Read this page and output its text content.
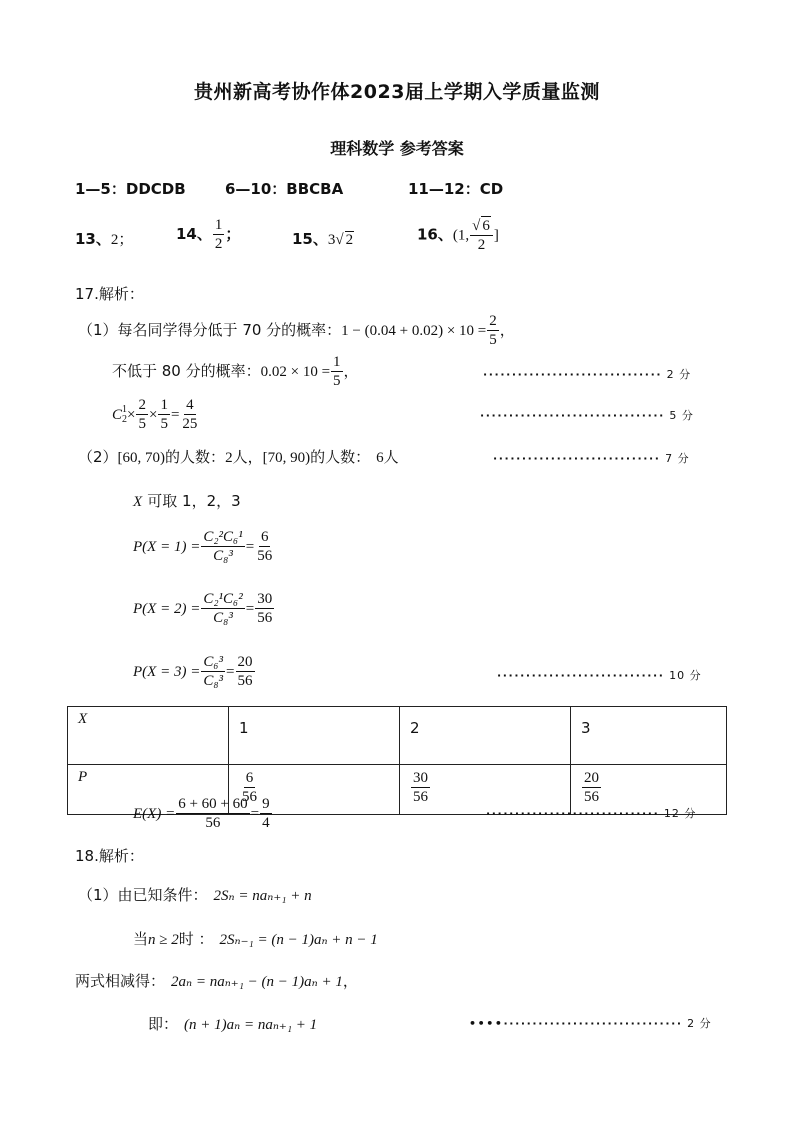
贵州新高考协作体2023届上学期入学质量监测
理科数学 参考答案
1—5：DDCDB	6—10：BBCBA	11—12：CD
13、2；	14、 $\frac{1}{2}$ ；	15、3√ 2	16、(1, $\frac{√ 6}{2}$ ]
17.解析：
（1）每名同学得分低于 70 分的概率：$1 - (0.04 + 0.02) \times 10 = \frac{2}{5}$ ，
不低于 80 分的概率：$0.02 \times 10 = \frac{1}{5}$ ，	······························· 2 分
C 1
$2 \times \frac{2}{5} \times \frac{1}{5} = \frac{4}{25}$	································ 5 分
（2）[60, 70)的人数：2人，[70, 90)的人数： 6人	····························· 7 分
X 可取 1，2，3
$P(X = 1) = \frac{\text{C₂²C₆¹}}{\text{C₈³}} = \frac{6}{56}$
$P(X = 2) = \frac{\text{C₂¹C₆²}}{\text{C₈³}} = \frac{30}{56}$
$P(X = 3) = \frac{\text{C₆³}}{\text{C₈³}} = \frac{20}{56}$	····························· 10 分
X	1	2	3
P	$\frac{6}{56}$	$\frac{30}{56}$	$\frac{20}{56}$
$E(X) = \frac{6 + 60 + 60}{56} = \frac{9}{4}$	······························ 12 分
18.解析：
（1）由已知条件： 2Sₙ = naₙ₊₁ + n
当n ≥ 2时 ： 2Sₙ₋₁ = (n − 1)aₙ + n − 1
两式相减得： 2aₙ = naₙ₊₁ − (n − 1)aₙ + 1，
即： (n + 1)aₙ = naₙ₊₁ + 1	••••······························· 2 分
